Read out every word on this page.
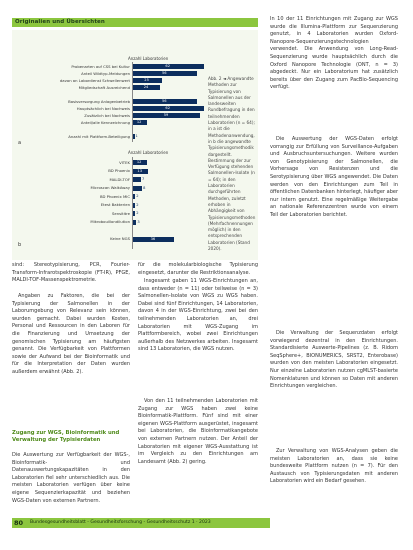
Originalien und Übersichten
Anzahl Laboratorien
Probenarten auf CSS bei Kultur	62
Anteil Wildtyp-Meldungen	56
davon an Labordienst Schwellenwert	25
Mitgliedschaft Ausreichend	24
Basisversorgung Anlagenbetrieb	56
Hauptsächlich bei Nachweis	62
Zusätzlich bei Nachweis	59
Anteil/alle Kennzeichnung 12
Anzahl mit Plattform-Beteiligung 1
a
Anzahl Laboratorien
VITEK 12
BD Phoenix 13
MALDI-TOF	7
Microscan WalkAway	8
BD Phoenix MIC 2
Etest Bakterien 2
Sensititre 2
Mikrobouillondilution 3
Keine NGS	36
b
Abb. 2 ◄ Angewandte Methoden zur Typisierung von Salmonellen aus der landesweiten Rundbefragung in den teilnehmenden Laboratorien (n = 64); in a ist die Methodenanwendung, in b die angewandte Typisierungsmethodik dargestellt. Bestimmung der zur Verfügung stehenden Salmonellen-Isolate (n = 64); in den Laboratorien durchgeführten Methoden, zuletzt erhoben in Abhängigkeit von Typisierungsmethoden (Mehrfachnennungen möglich) in den entsprechenden Laboratorien (Stand 2020).
sind: Stereotypisierung, PCR, Fourier-Transform-Infrarotspektroskopie (FT-IR), PFGE, MALDI-TOF-Massenspektrometrie.
Angaben zu Faktoren, die bei der Typisierung der Salmonellen in der Laborumgebung von Relevanz sein können, wurden gemacht. Dabei wurden Kosten, Personal und Ressourcen in den Laboren für die Finanzierung und Umsetzung der genomischen Typisierung am häufigsten genannt. Die Verfügbarkeit von Plattformen sowie der Aufwand bei der Bioinformatik und für die Interpretation der Daten wurden außerdem erwähnt (Abb. 2).
Zugang zur WGS, Bioinformatik und Verwaltung der Typisierdaten
Die Auswertung zur Verfügbarkeit der WGS-, Bioinformatik- und Datenauswertungskapazitäten in den Laboratorien fiel sehr unterschiedlich aus. Die meisten Laboratorien verfügen über keine eigene Sequenzierkapazität und beziehen WGS-Daten von externen Partnern.
für die molekularbiologische Typisierung eingesetzt, darunter die Restriktionsanalyse.
Insgesamt gaben 11 WGS-Einrichtungen an, dass entweder (n = 11) oder teilweise (n = 3) Salmonellen-Isolate von WGS zu WGS haben. Dabei sind fünf Einrichtungen, 14 Laboratorien, davon 4 in der WGS-Einrichtung, zwei bei den teilnehmenden Laboratorien an, drei Laboratorien mit WGS-Zugang im Plattformbereich, wobei zwei Einrichtungen außerhalb des Netzwerkes arbeiten. Insgesamt sind 13 Laboratorien, die WGS nutzen.
Von den 11 teilnehmenden Laboratorien mit Zugang zur WGS haben zwei keine Bioinformatik-Plattform. Fünf sind mit einer eigenen WGS-Plattform ausgerüstet, insgesamt bei Laboratorien, die Bioinformatikangebote von externen Partnern nutzen. Der Anteil der Laboratorien mit eigener WGS-Ausstattung ist im Vergleich zu den Einrichtungen am Landesamt (Abb. 2) gering.
In 10 der 11 Einrichtungen mit Zugang zur WGS wurde die Illumina-Plattform zur Sequenzierung genutzt, in 4 Laboratorien wurden Oxford-Nanopore-Sequenzierungstechnologien verwendet. Die Anwendung von Long-Read-Sequenzierung wurde hauptsächlich durch die Oxford Nanopore Technologie (ONT, n = 3) abgedeckt. Nur ein Laboratorium hat zusätzlich bereits über den Zugang zum PacBio-Sequencing verfügt.
Die Auswertung der WGS-Daten erfolgt vorrangig zur Erfüllung von Surveillance-Aufgaben und Ausbruchsuntersuchungen. Weitere wurden von Genotypisierung der Salmonellen, die Vorhersage von Resistenzen und die Serotypisierung über WGS angewendet. Die Daten werden von den Einrichtungen zum Teil in öffentlichen Datenbanken hinterlegt, häufiger aber nur intern genutzt. Eine regelmäßige Weitergabe an nationale Referenzzentren wurde von einem Teil der Laboratorien berichtet.
Die Verwaltung der Sequenzdaten erfolgt vorwiegend dezentral in den Einrichtungen. Standardisierte Auswerte-Pipelines (z. B. Ridom SeqSphere+, BIONUMERICS, SRST2, Enterobase) wurden von den meisten Laboratorien eingesetzt. Nur einzelne Laboratorien nutzen cgMLST-basierte Nomenklaturen und können so Daten mit anderen Einrichtungen vergleichen.
Zur Verwaltung von WGS-Analysen geben die meisten Laboratorien an, dass sie keine bundesweite Plattform nutzen (n = 7). Für den Austausch von Typisierungsdaten mit anderen Laboratorien wird ein Bedarf gesehen.
80 Bundesgesundheitsblatt - Gesundheitsforschung - Gesundheitsschutz 1 · 2023
